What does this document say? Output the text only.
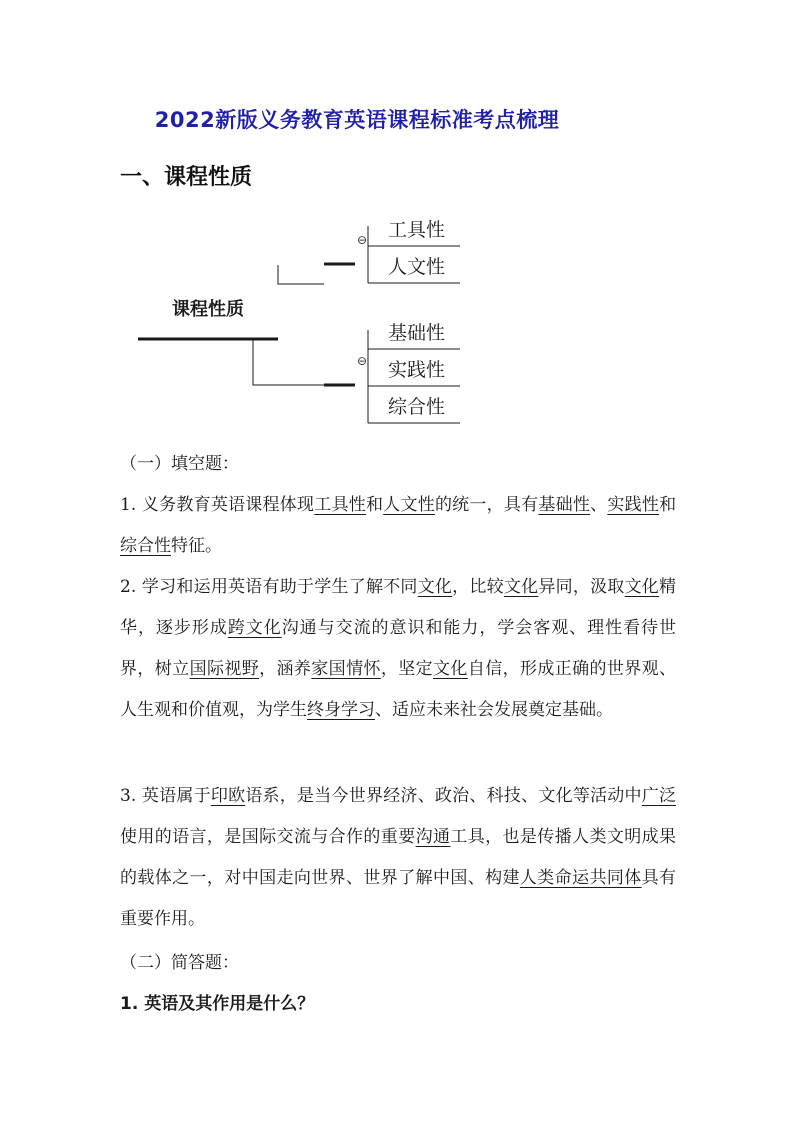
2022新版义务教育英语课程标准考点梳理
一、课程性质
课程性质
⊖ 工具性
人文性
⊖
基础性
实践性
综合性
（一）填空题：
1. 义务教育英语课程体现工具性和人文性的统一，具有基础性、实践性和综合性特征。
2. 学习和运用英语有助于学生了解不同文化，比较文化异同，汲取文化精华，逐步形成跨文化沟通与交流的意识和能力，学会客观、理性看待世界，树立国际视野，涵养家国情怀，坚定文化自信，形成正确的世界观、人生观和价值观，为学生终身学习、适应未来社会发展奠定基础。
3. 英语属于印欧语系，是当今世界经济、政治、科技、文化等活动中广泛使用的语言，是国际交流与合作的重要沟通工具，也是传播人类文明成果的载体之一，对中国走向世界、世界了解中国、构建人类命运共同体具有重要作用。
（二）简答题：
1. 英语及其作用是什么？
